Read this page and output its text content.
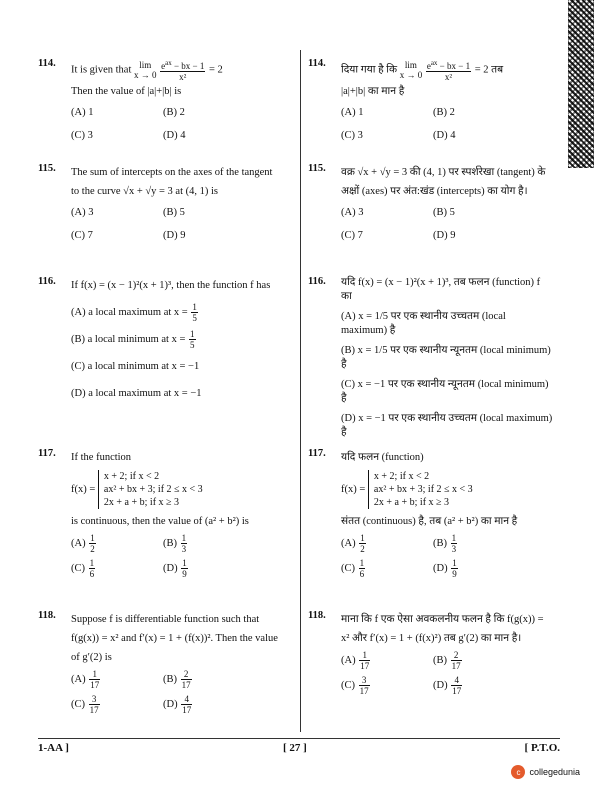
114.
It is given that lim
x → 0
$\frac{e^{ax} - bx - 1}{\text{x²}} = 2$
Then the value of |a|+|b| is
(A) 1	(B) 2
(C) 3	(D) 4
115. The sum of intercepts on the axes of the tangent to the curve √x + √y = 3 at (4, 1) is
(A) 3	(B) 5
(C) 7	(D) 9
116. If f(x) = (x − 1)²(x + 1)³, then the function f has
(A) a local maximum at $x = \frac{1}{5}$
(B) a local minimum at $x = \frac{1}{5}$
(C) a local minimum at x = −1
(D) a local maximum at x = −1
117. If the function
f(x) =
x + 2; if x < 2
ax² + bx + 3; if 2 ≤ x < 3
2x + a + b; if x ≥ 3
is continuous, then the value of (a² + b²) is
$(A) \frac{1}{2}$	$(B) \frac{1}{3}$
$(C) \frac{1}{6}$	$(D) \frac{1}{9}$
118. Suppose f is differentiable function such that f(g(x)) = x² and f′(x) = 1 + (f(x))². Then the value of g′(2) is
$(A) \frac{1}{17}$	$(B) \frac{2}{17}$
$(C) \frac{3}{17}$	$(D) \frac{4}{17}$
114.
दिया गया है कि lim
x → 0
$\frac{e^{ax} - bx - 1}{\text{x²}} = 2$ तब
|a|+|b| का मान है
(A) 1	(B) 2
(C) 3	(D) 4
115. वक्र √x + √y = 3 की (4, 1) पर स्पर्शरेखा (tangent) के अक्षों (axes) पर अंत:खंड (intercepts) का योग है।
(A) 3	(B) 5
(C) 7	(D) 9
116. यदि f(x) = (x − 1)²(x + 1)³, तब फलन (function) f का
(A) x = 1/5 पर एक स्थानीय उच्चतम (local maximum) है
(B) x = 1/5 पर एक स्थानीय न्यूनतम (local minimum) है
(C) x = −1 पर एक स्थानीय न्यूनतम (local minimum) है
(D) x = −1 पर एक स्थानीय उच्चतम (local maximum) है
117. यदि फलन (function)
f(x) =
x + 2; if x < 2
ax² + bx + 3; if 2 ≤ x < 3
2x + a + b; if x ≥ 3
संतत (continuous) है, तब (a² + b²) का मान है
$(A) \frac{1}{2}$	$(B) \frac{1}{3}$
$(C) \frac{1}{6}$	$(D) \frac{1}{9}$
118. माना कि f एक ऐसा अवकलनीय फलन है कि f(g(x)) = x² और f′(x) = 1 + (f(x)²) तब g′(2) का मान है।
$(A) \frac{1}{17}$	$(B) \frac{2}{17}$
$(C) \frac{3}{17}$	$(D) \frac{4}{17}$
1-AA ]	[ 27 ]	[ P.T.O.
c	collegedunia
